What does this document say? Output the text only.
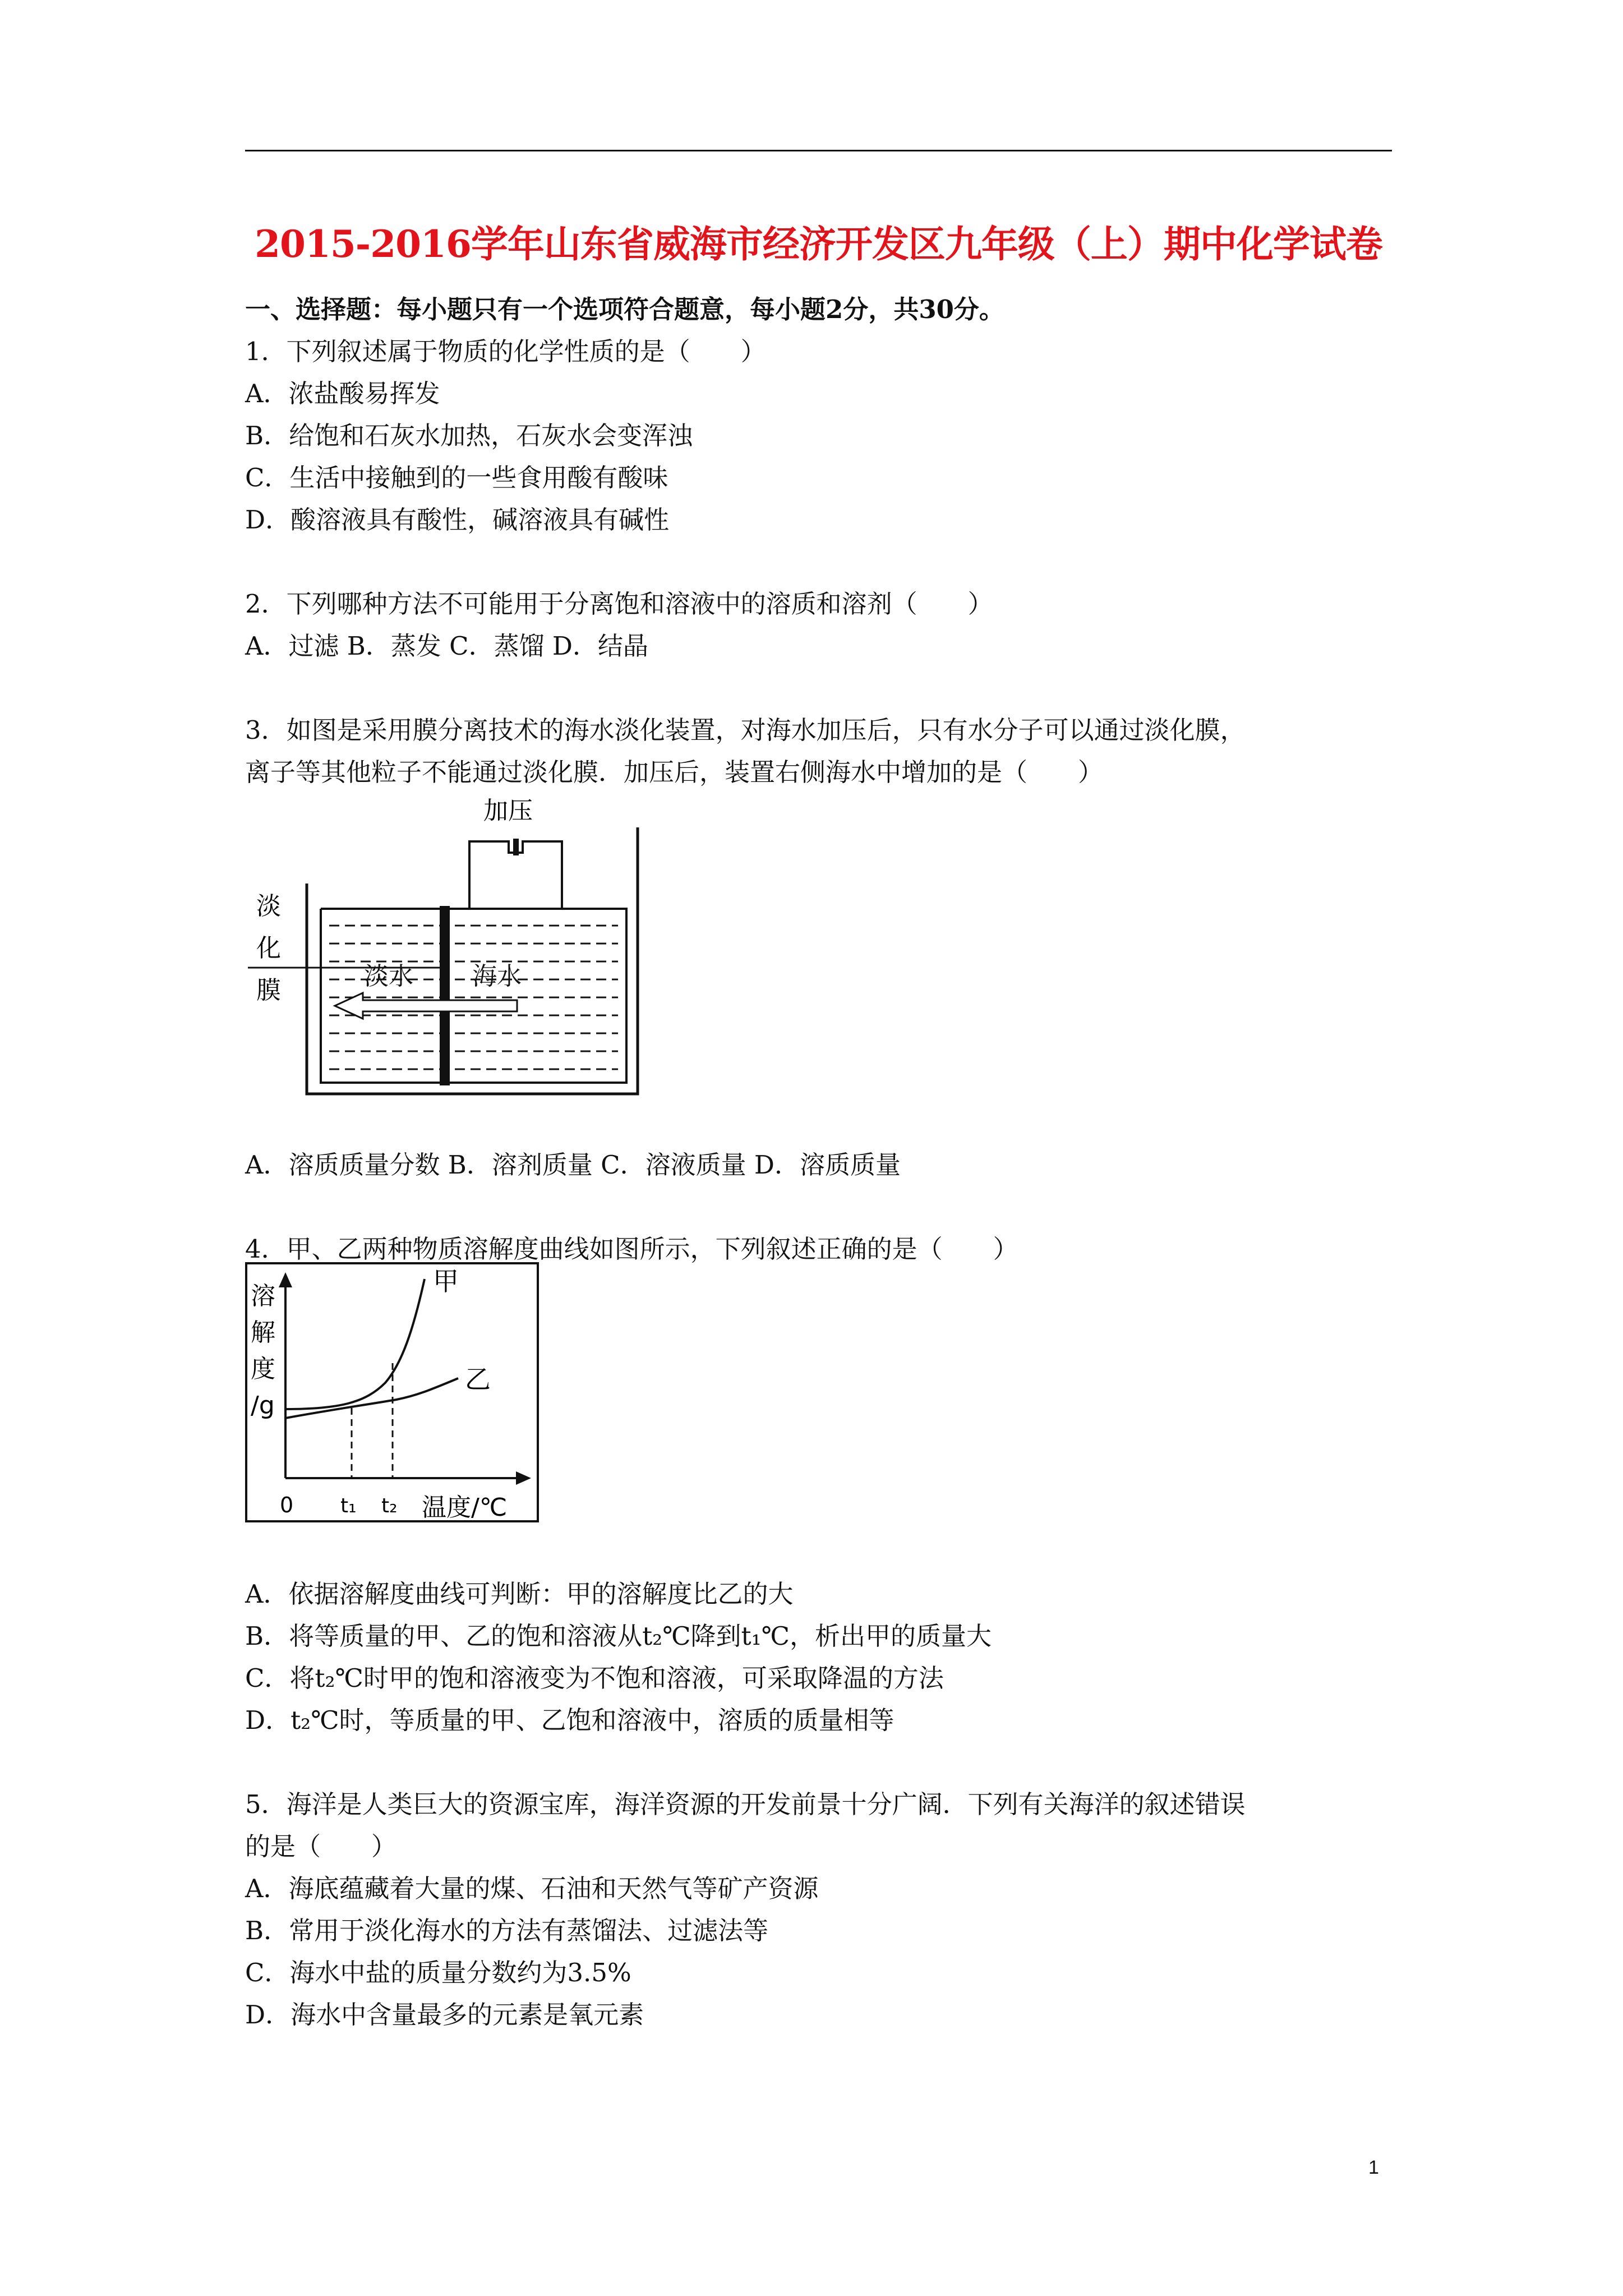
2015-2016学年山东省威海市经济开发区九年级（上）期中化学试卷
一、选择题：每小题只有一个选项符合题意，每小题2分，共30分。
1．下列叙述属于物质的化学性质的是（　　）
A．浓盐酸易挥发
B．给饱和石灰水加热，石灰水会变浑浊
C．生活中接触到的一些食用酸有酸味
D．酸溶液具有酸性，碱溶液具有碱性
2．下列哪种方法不可能用于分离饱和溶液中的溶质和溶剂（　　）
A．过滤 B．蒸发 C．蒸馏 D．结晶
3．如图是采用膜分离技术的海水淡化装置，对海水加压后，只有水分子可以通过淡化膜，
离子等其他粒子不能通过淡化膜．加压后，装置右侧海水中增加的是（　　）
加压
淡
化
膜	淡水 海水
A．溶质质量分数 B．溶剂质量 C．溶液质量 D．溶质质量
4．甲、乙两种物质溶解度曲线如图所示，下列叙述正确的是（　　）
甲
乙
溶
解
度
/g
0 t₁ t₂ 温度/℃
A．依据溶解度曲线可判断：甲的溶解度比乙的大
B．将等质量的甲、乙的饱和溶液从t₂℃降到t₁℃，析出甲的质量大
C．将t₂℃时甲的饱和溶液变为不饱和溶液，可采取降温的方法
D．t₂℃时，等质量的甲、乙饱和溶液中，溶质的质量相等
5．海洋是人类巨大的资源宝库，海洋资源的开发前景十分广阔．下列有关海洋的叙述错误
的是（　　）
A．海底蕴藏着大量的煤、石油和天然气等矿产资源
B．常用于淡化海水的方法有蒸馏法、过滤法等
C．海水中盐的质量分数约为3.5%
D．海水中含量最多的元素是氧元素
1
